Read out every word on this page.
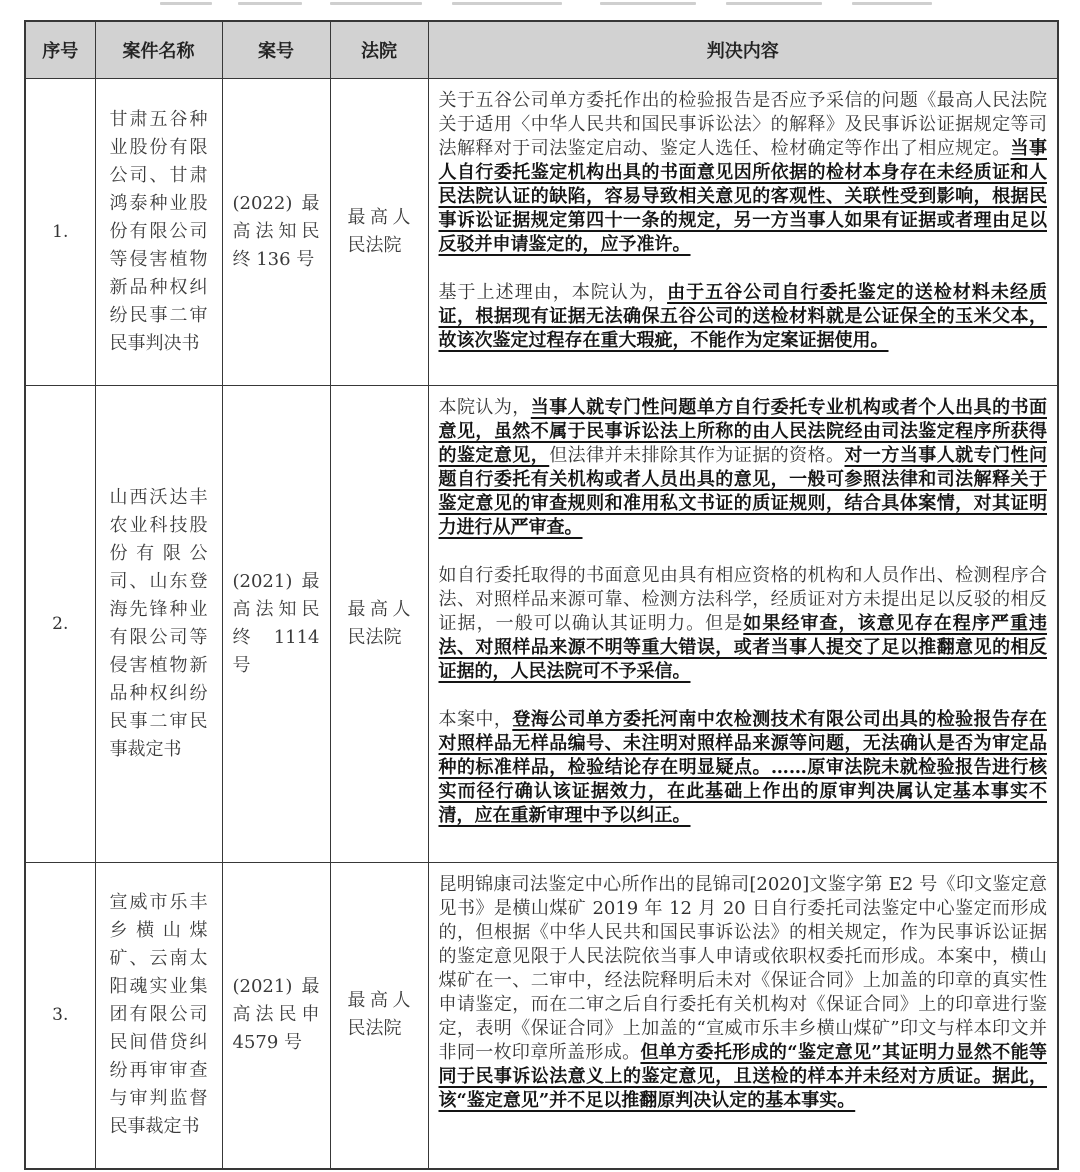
序号	案件名称	案号	法院	判决内容
1.	甘肃五谷种业股份有限公司、甘肃鸿泰种业股份有限公司等侵害植物新品种权纠纷民事二审民事判决书	(2022) 最高法知民终 136 号	最高人民法院	关于五谷公司单方委托作出的检验报告是否应予采信的问题《最高人民法院关于适用〈中华人民共和国民事诉讼法〉的解释》及民事诉讼证据规定等司法解释对于司法鉴定启动、鉴定人选任、检材确定等作出了相应规定。当事人自行委托鉴定机构出具的书面意见因所依据的检材本身存在未经质证和人民法院认证的缺陷，容易导致相关意见的客观性、关联性受到影响，根据民事诉讼证据规定第四十一条的规定，另一方当事人如果有证据或者理由足以反驳并申请鉴定的，应予准许。

基于上述理由，本院认为，由于五谷公司自行委托鉴定的送检材料未经质证，根据现有证据无法确保五谷公司的送检材料就是公证保全的玉米父本，故该次鉴定过程存在重大瑕疵，不能作为定案证据使用。

2.	山西沃达丰农业科技股份有限公司、山东登海先锋种业有限公司等侵害植物新品种权纠纷民事二审民事裁定书	(2021) 最高法知民终 1114 号	最高人民法院	本院认为，当事人就专门性问题单方自行委托专业机构或者个人出具的书面意见，虽然不属于民事诉讼法上所称的由人民法院经由司法鉴定程序所获得的鉴定意见，但法律并未排除其作为证据的资格。对一方当事人就专门性问题自行委托有关机构或者人员出具的意见，一般可参照法律和司法解释关于鉴定意见的审查规则和准用私文书证的质证规则，结合具体案情，对其证明力进行从严审查。

如自行委托取得的书面意见由具有相应资格的机构和人员作出、检测程序合法、对照样品来源可靠、检测方法科学，经质证对方未提出足以反驳的相反证据，一般可以确认其证明力。但是如果经审查，该意见存在程序严重违法、对照样品来源不明等重大错误，或者当事人提交了足以推翻意见的相反证据的，人民法院可不予采信。

本案中，登海公司单方委托河南中农检测技术有限公司出具的检验报告存在对照样品无样品编号、未注明对照样品来源等问题，无法确认是否为审定品种的标准样品，检验结论存在明显疑点。……原审法院未就检验报告进行核实而径行确认该证据效力，在此基础上作出的原审判决属认定基本事实不清，应在重新审理中予以纠正。

3.	宣威市乐丰乡横山煤矿、云南太阳魂实业集团有限公司民间借贷纠纷再审审查与审判监督民事裁定书	(2021) 最高法民申 4579 号	最高人民法院	昆明锦康司法鉴定中心所作出的昆锦司[2020]文鉴字第 E2 号《印文鉴定意见书》是横山煤矿 2019 年 12 月 20 日自行委托司法鉴定中心鉴定而形成的，但根据《中华人民共和国民事诉讼法》的相关规定，作为民事诉讼证据的鉴定意见限于人民法院依当事人申请或依职权委托而形成。本案中，横山煤矿在一、二审中，经法院释明后未对《保证合同》上加盖的印章的真实性申请鉴定，而在二审之后自行委托有关机构对《保证合同》上的印章进行鉴定，表明《保证合同》上加盖的“宣威市乐丰乡横山煤矿”印文与样本印文并非同一枚印章所盖形成。但单方委托形成的“鉴定意见”其证明力显然不能等同于民事诉讼法意义上的鉴定意见，且送检的样本并未经对方质证。据此，该“鉴定意见”并不足以推翻原判决认定的基本事实。
